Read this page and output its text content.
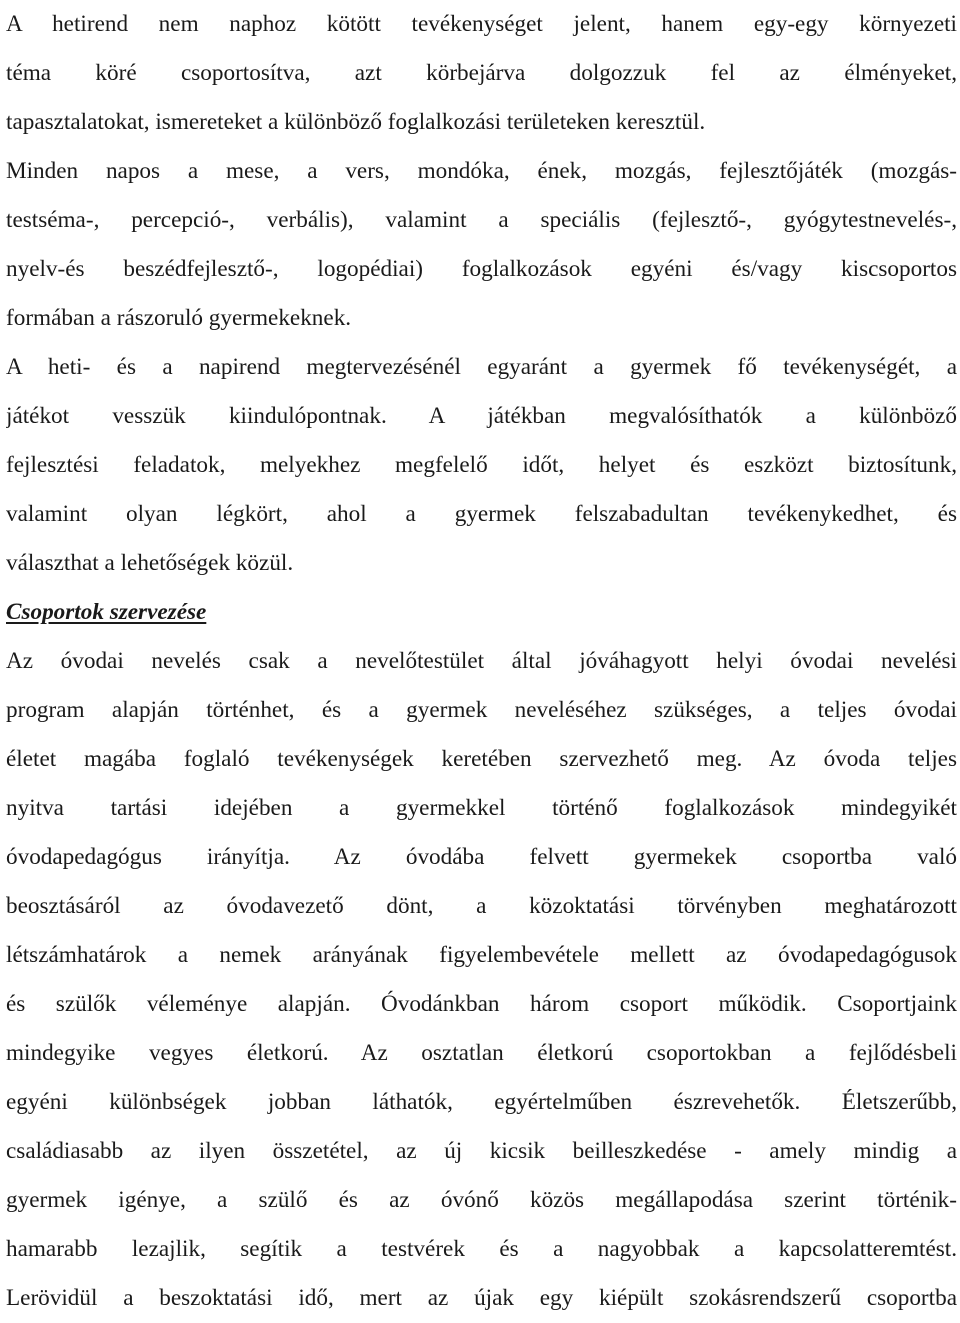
A hetirend nem naphoz kötött tevékenységet jelent, hanem egy-egy környezeti
téma köré csoportosítva, azt körbejárva dolgozzuk fel az élményeket,
tapasztalatokat, ismereteket a különböző foglalkozási területeken keresztül.
Minden napos a mese, a vers, mondóka, ének, mozgás, fejlesztőjáték (mozgás-
testséma-, percepció-, verbális), valamint a speciális (fejlesztő-, gyógytestnevelés-,
nyelv-és beszédfejlesztő-, logopédiai) foglalkozások egyéni és/vagy kiscsoportos
formában a rászoruló gyermekeknek.
A heti- és a napirend megtervezésénél egyaránt a gyermek fő tevékenységét, a
játékot vesszük kiindulópontnak. A játékban megvalósíthatók a különböző
fejlesztési feladatok, melyekhez megfelelő időt, helyet és eszközt biztosítunk,
valamint olyan légkört, ahol a gyermek felszabadultan tevékenykedhet, és
választhat a lehetőségek közül.
Csoportok szervezése
Az óvodai nevelés csak a nevelőtestület által jóváhagyott helyi óvodai nevelési
program alapján történhet, és a gyermek neveléséhez szükséges, a teljes óvodai
életet magába foglaló tevékenységek keretében szervezhető meg. Az óvoda teljes
nyitva tartási idejében a gyermekkel történő foglalkozások mindegyikét
óvodapedagógus irányítja. Az óvodába felvett gyermekek csoportba való
beosztásáról az óvodavezető dönt, a közoktatási törvényben meghatározott
létszámhatárok a nemek arányának figyelembevétele mellett az óvodapedagógusok
és szülők véleménye alapján. Óvodánkban három csoport működik. Csoportjaink
mindegyike vegyes életkorú. Az osztatlan életkorú csoportokban a fejlődésbeli
egyéni különbségek jobban láthatók, egyértelműben észrevehetők. Életszerűbb,
családiasabb az ilyen összetétel, az új kicsik beilleszkedése - amely mindig a
gyermek igénye, a szülő és az óvónő közös megállapodása szerint történik-
hamarabb lezajlik, segítik a testvérek és a nagyobbak a kapcsolatteremtést.
Lerövidül a beszoktatási idő, mert az újak egy kiépült szokásrendszerű csoportba
